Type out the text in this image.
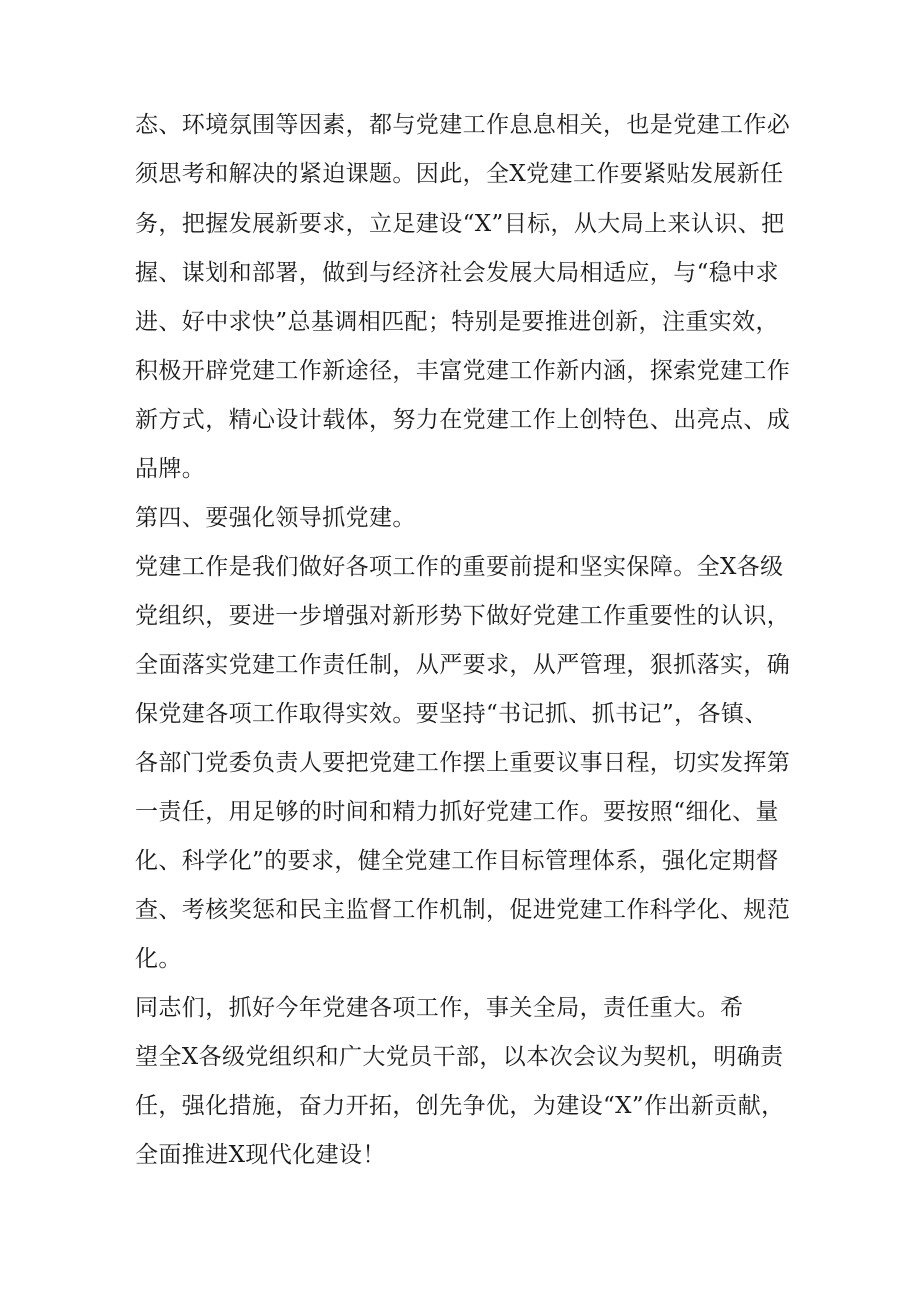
态、环境氛围等因素，都与党建工作息息相关，也是党建工作必
须思考和解决的紧迫课题。因此，全X党建工作要紧贴发展新任
务，把握发展新要求，立足建设“X”目标，从大局上来认识、把
握、谋划和部署，做到与经济社会发展大局相适应，与“稳中求
进、好中求快”总基调相匹配；特别是要推进创新，注重实效，
积极开辟党建工作新途径，丰富党建工作新内涵，探索党建工作
新方式，精心设计载体，努力在党建工作上创特色、出亮点、成
品牌。
第四、要强化领导抓党建。
党建工作是我们做好各项工作的重要前提和坚实保障。全X各级
党组织，要进一步增强对新形势下做好党建工作重要性的认识，
全面落实党建工作责任制，从严要求，从严管理，狠抓落实，确
保党建各项工作取得实效。要坚持“书记抓、抓书记”，各镇、
各部门党委负责人要把党建工作摆上重要议事日程，切实发挥第
一责任，用足够的时间和精力抓好党建工作。要按照“细化、量
化、科学化”的要求，健全党建工作目标管理体系，强化定期督
查、考核奖惩和民主监督工作机制，促进党建工作科学化、规范
化。
同志们，抓好今年党建各项工作，事关全局，责任重大。希
望全X各级党组织和广大党员干部，以本次会议为契机，明确责
任，强化措施，奋力开拓，创先争优，为建设“X”作出新贡献，
全面推进X现代化建设！
